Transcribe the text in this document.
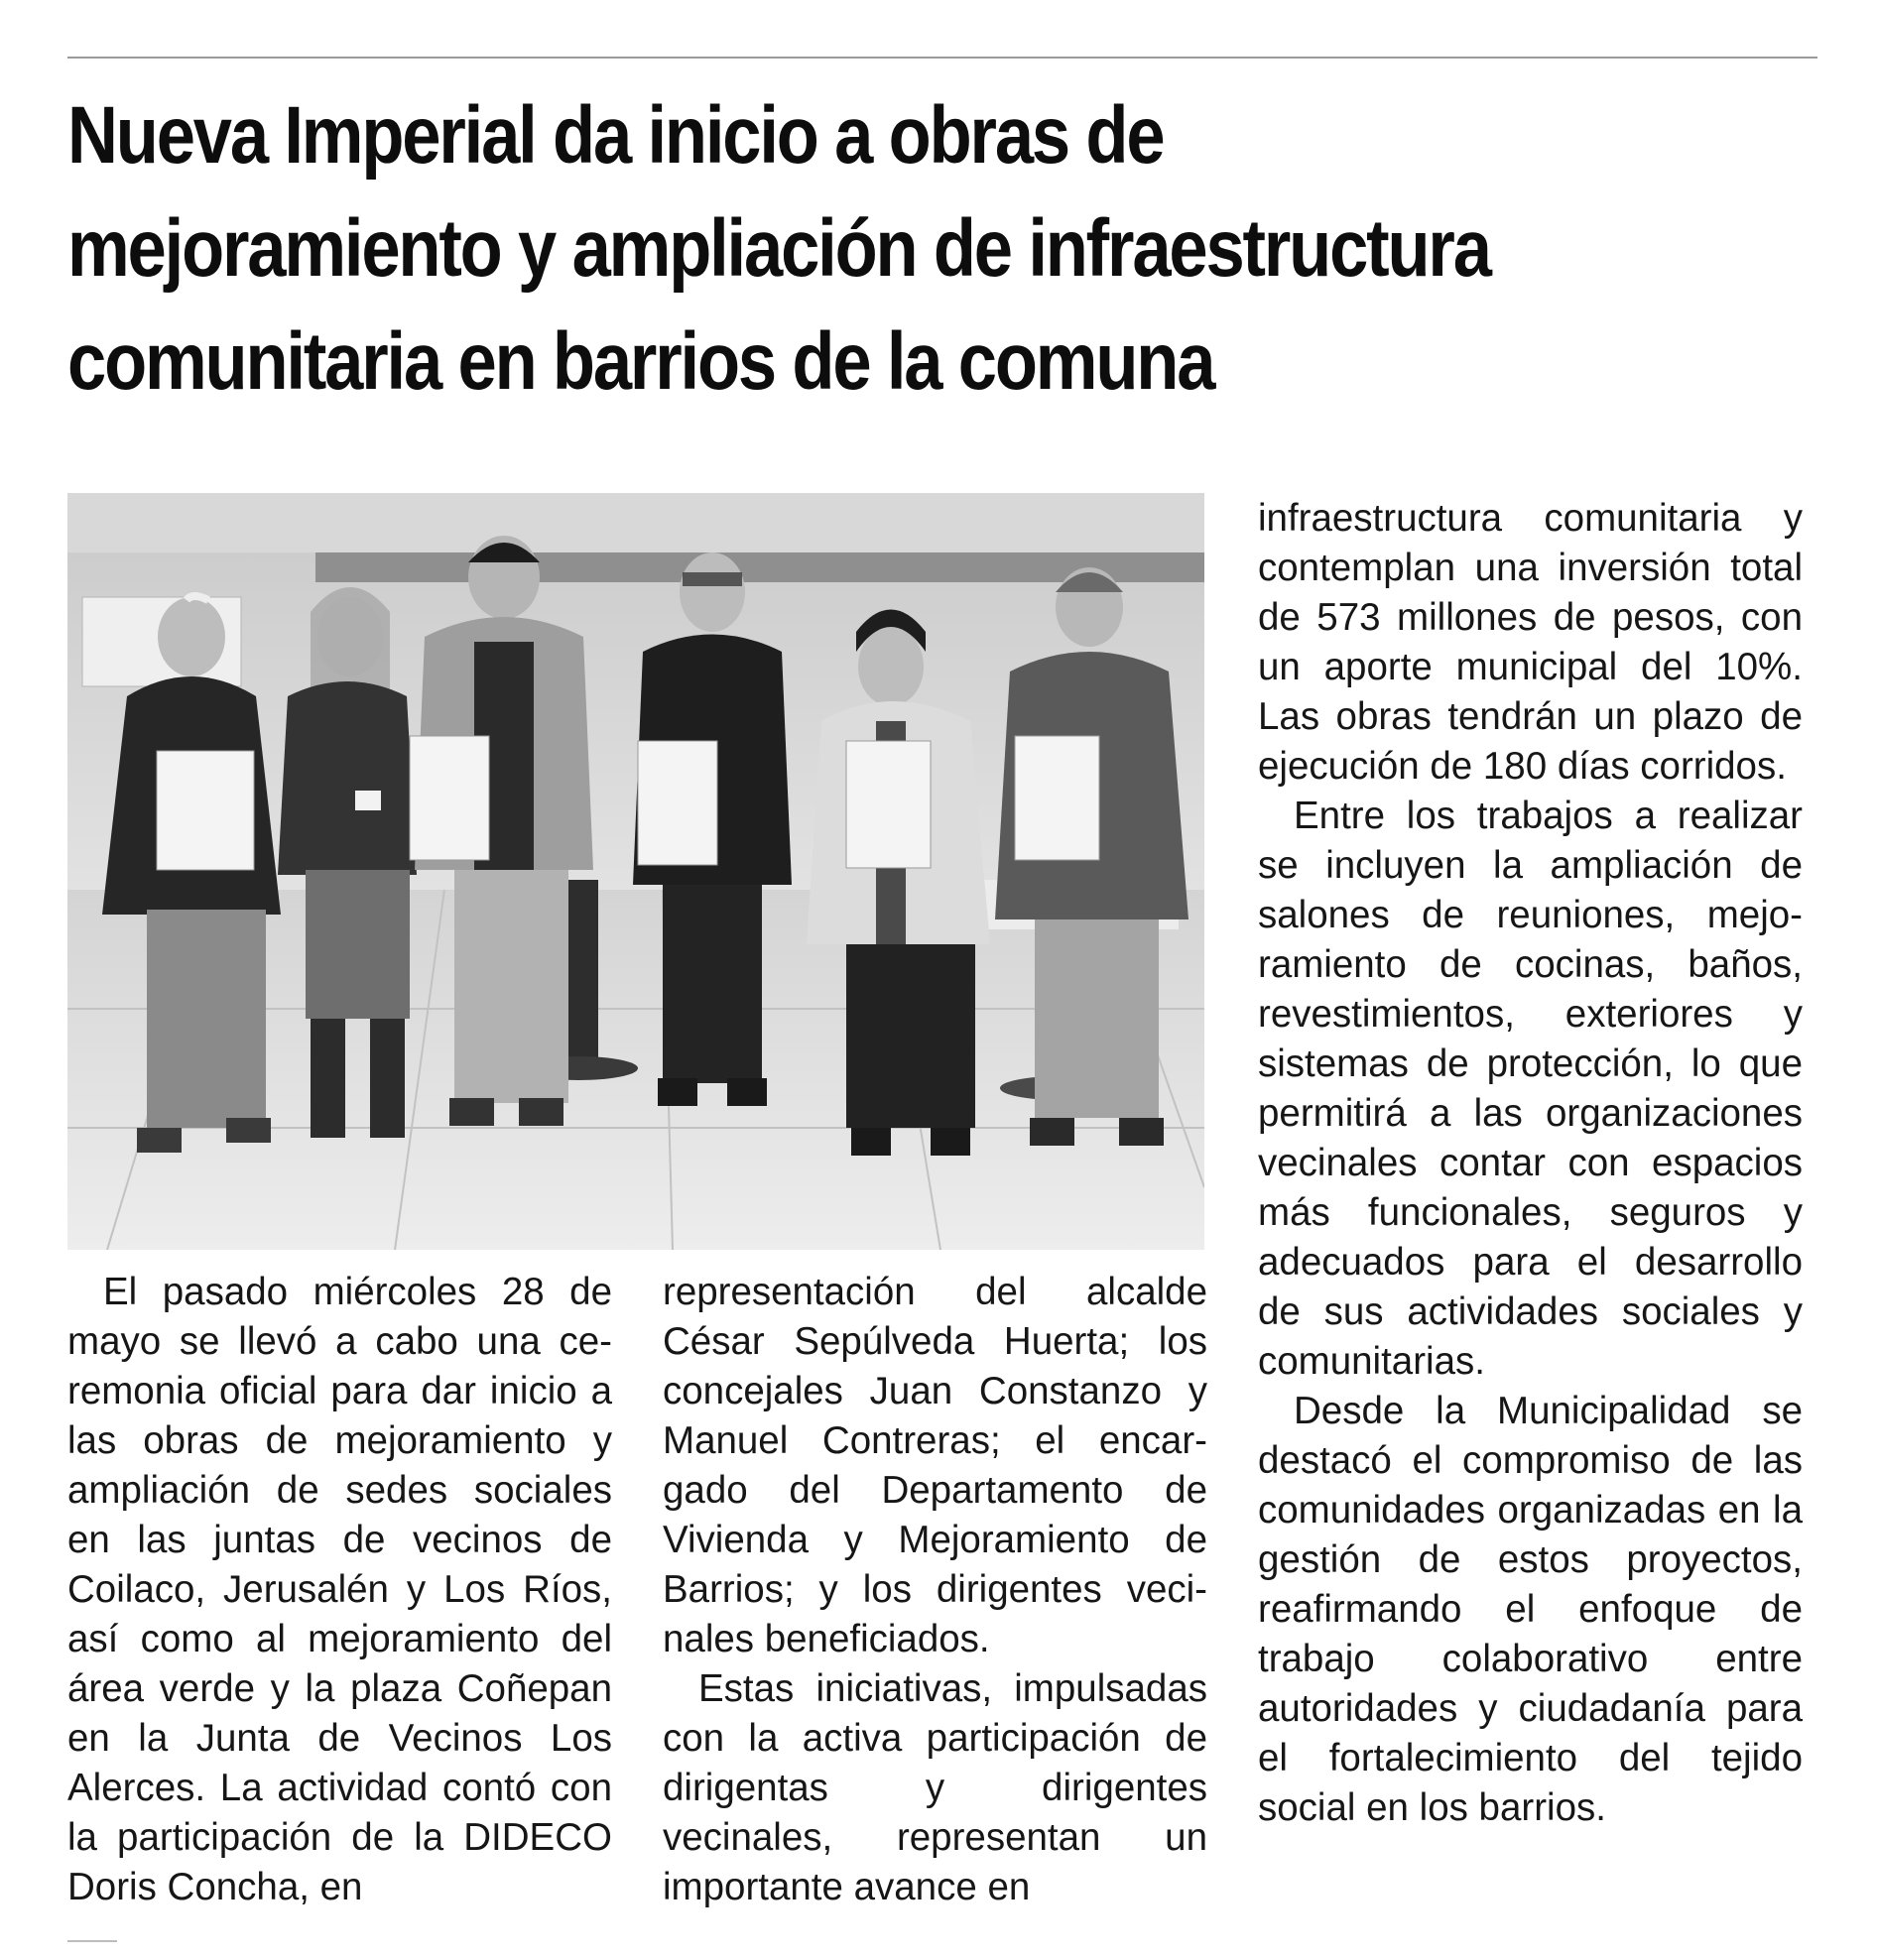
Nueva Imperial da inicio a obras de
mejoramiento y ampliación de infraestructura
comunitaria en barrios de la comuna

El pasado miércoles 28 de mayo se llevó a cabo una ceremonia oficial para dar inicio a las obras de mejoramiento y ampliación de sedes sociales en las juntas de vecinos de Coilaco, Jerusalén y Los Ríos, así como al mejoramiento del área verde y la plaza Coñepan en la Junta de Vecinos Los Alerces. La actividad contó con la participación de la DIDECO Doris Concha, en

representación del alcalde César Sepúlveda Huerta; los concejales Juan Constanzo y Manuel Contreras; el encargado del Departamento de Vivienda y Mejoramiento de Barrios; y los dirigentes vecinales beneficiados.

Estas iniciativas, impulsadas con la activa participación de dirigentas y dirigentes vecinales, representan un importante avance en

infraestructura comunitaria y contemplan una inversión total de 573 millones de pesos, con un aporte municipal del 10%. Las obras tendrán un plazo de ejecución de 180 días corridos.

Entre los trabajos a realizar se incluyen la ampliación de salones de reuniones, mejoramiento de cocinas, baños, revestimientos, exteriores y sistemas de protección, lo que permitirá a las organizaciones vecinales contar con espacios más funcionales, seguros y adecuados para el desarrollo de sus actividades sociales y comunitarias.

Desde la Municipalidad se destacó el compromiso de las comunidades organizadas en la gestión de estos proyectos, reafirmando el enfoque de trabajo colaborativo entre autoridades y ciudadanía para el fortalecimiento del tejido social en los barrios.
